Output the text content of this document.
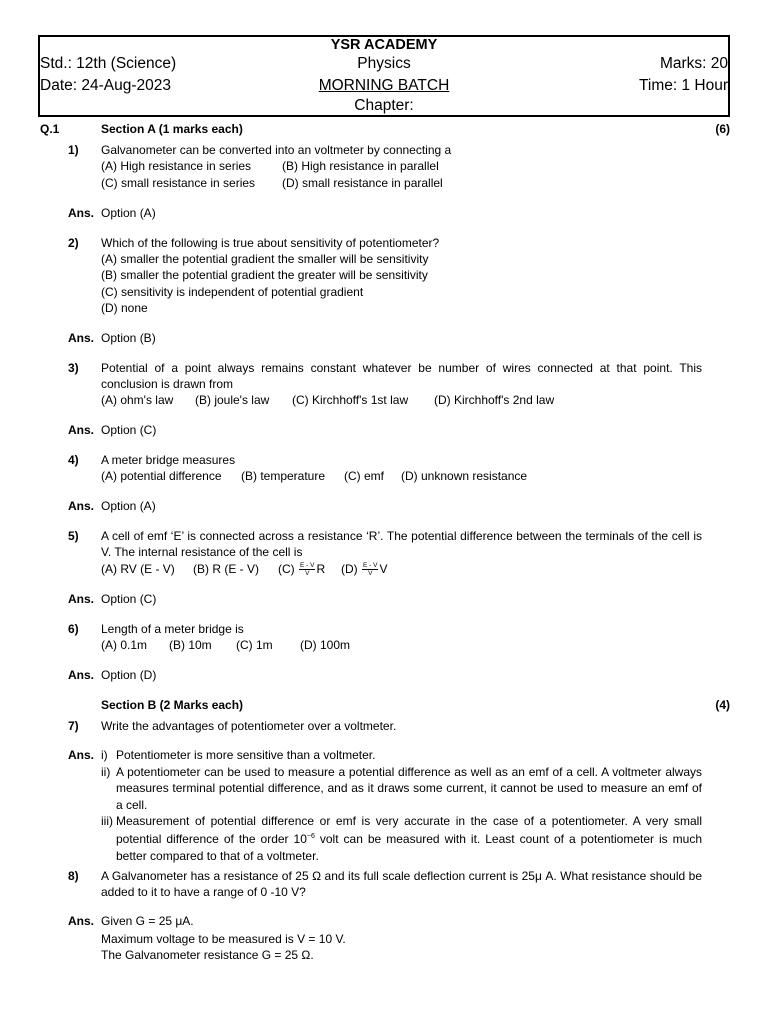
YSR ACADEMY
Std.: 12th (Science)	Physics	Marks: 20
Date: 24-Aug-2023	MORNING BATCH	Time: 1 Hour
Chapter:
Q.1	Section A (1 marks each)	(6)
1) Galvanometer can be converted into an voltmeter by connecting a
(A) High resistance in series	(B) High resistance in parallel
(C) small resistance in series (D) small resistance in parallel
Ans. Option (A)
2) Which of the following is true about sensitivity of potentiometer?
(A) smaller the potential gradient the smaller will be sensitivity
(B) smaller the potential gradient the greater will be sensitivity
(C) sensitivity is independent of potential gradient
(D) none
Ans. Option (B)
3) Potential of a point always remains constant whatever be number of wires connected at that point. This conclusion is drawn from
(A) ohm's law (B) joule's law (C) Kirchhoff's 1st law (D) Kirchhoff's 2nd law
Ans. Option (C)
4) A meter bridge measures
(A) potential difference (B) temperature (C) emf (D) unknown resistance
Ans. Option (A)
5) A cell of emf ‘E’ is connected across a resistance ‘R’. The potential difference between the terminals of the cell is V. The internal resistance of the cell is
(A) RV (E - V) (B) R (E - V) $(C) \frac{E - V}{V}$ R $(D) \frac{E - V}{V}$ V
Ans. Option (C)
6) Length of a meter bridge is
(A) 0.1m (B) 10m (C) 1m (D) 100m
Ans. Option (D)
Section B (2 Marks each)	(4)
7) Write the advantages of potentiometer over a voltmeter.
Ans. i) Potentiometer is more sensitive than a voltmeter.
ii) A potentiometer can be used to measure a potential difference as well as an emf of a cell. A voltmeter always measures terminal potential difference, and as it draws some current, it cannot be used to measure an emf of a cell.
iii) Measurement of potential difference or emf is very accurate in the case of a potentiometer. A very small potential difference of the order $10^{-6}$ volt can be measured with it. Least count of a potentiometer is much better compared to that of a voltmeter.
8) A Galvanometer has a resistance of 25 Ω and its full scale deflection current is 25μ A. What resistance should be added to it to have a range of 0 -10 V?
Ans. Given G = 25 μA.
Maximum voltage to be measured is V = 10 V.
The Galvanometer resistance G = 25 Ω.
